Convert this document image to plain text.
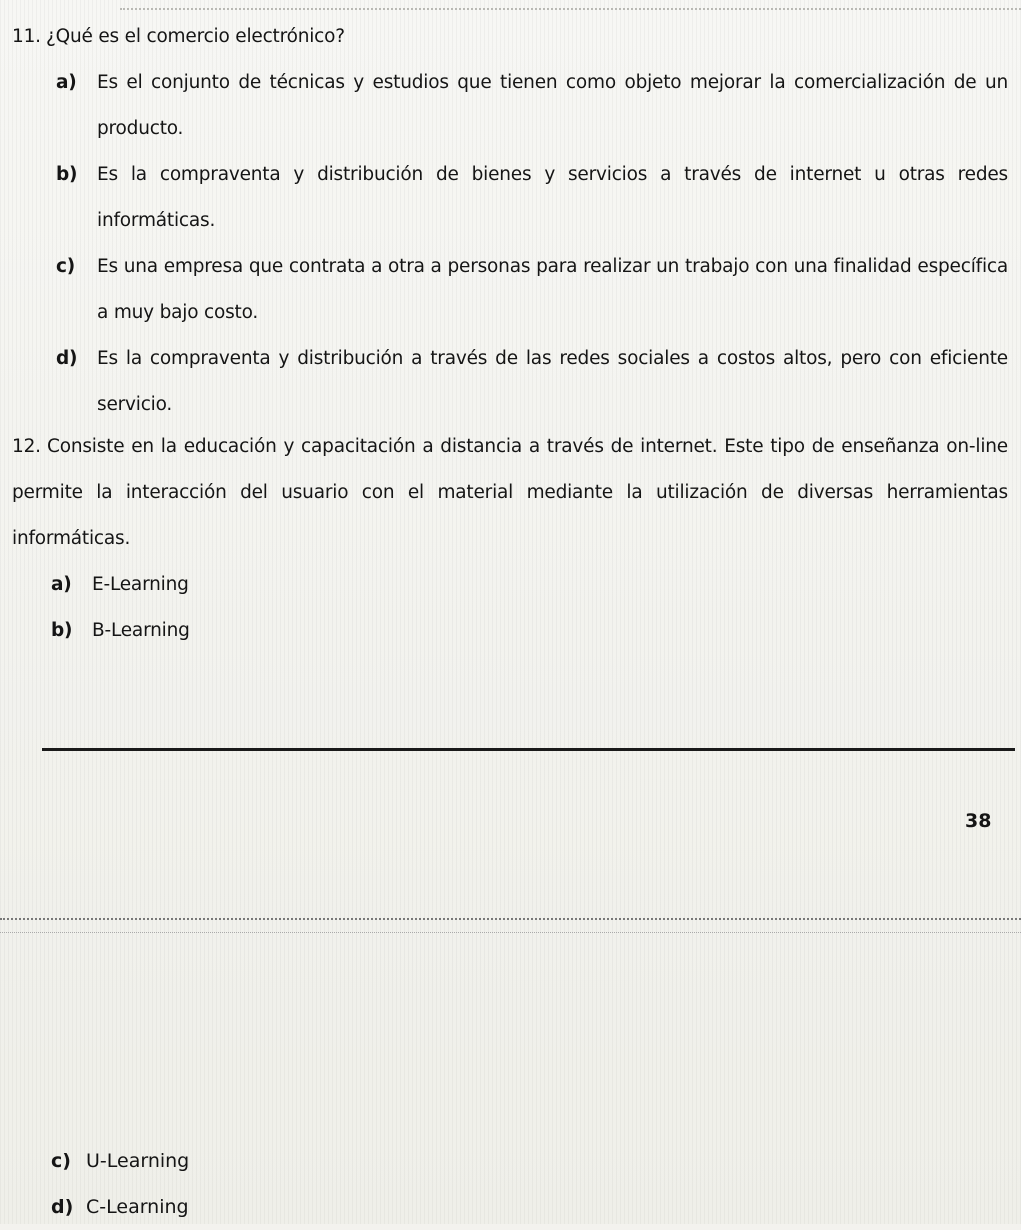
11. ¿Qué es el comercio electrónico?
a) Es el conjunto de técnicas y estudios que tienen como objeto mejorar la comercialización de un producto.
b) Es la compraventa y distribución de bienes y servicios a través de internet u otras redes informáticas.
c) Es una empresa que contrata a otra a personas para realizar un trabajo con una finalidad específica a muy bajo costo.
d) Es la compraventa y distribución a través de las redes sociales a costos altos, pero con eficiente servicio.
12. Consiste en la educación y capacitación a distancia a través de internet. Este tipo de enseñanza on-line permite la interacción del usuario con el material mediante la utilización de diversas herramientas informáticas.
a) E-Learning
b) B-Learning
38
c) U-Learning
d) C-Learning
